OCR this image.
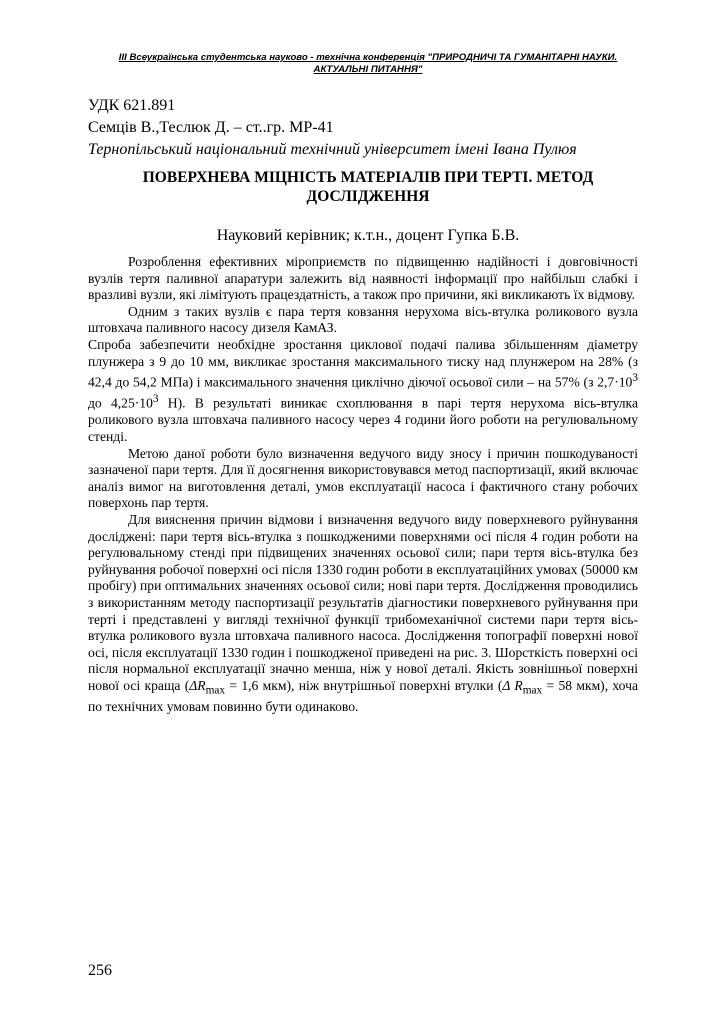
ІІІ Всеукраїнська студентська науково - технічна конференція "ПРИРОДНИЧІ ТА ГУМАНІТАРНІ НАУКИ.
АКТУАЛЬНІ ПИТАННЯ"
УДК 621.891
Семців В.,Теслюк Д. – ст..гр. МР-41
Тернопільський національний технічний університет імені Івана Пулюя
ПОВЕРХНЕВА МІЦНІСТЬ МАТЕРІАЛІВ ПРИ ТЕРТІ. МЕТОД
ДОСЛІДЖЕННЯ
Науковий керівник; к.т.н., доцент Гупка Б.В.

Розроблення ефективних міроприємств по підвищенню надійності і довговічності вузлів тертя паливної апаратури залежить від наявності інформації про найбільш слабкі і вразливі вузли, які лімітують працездатність, а також про причини, які викликають їх відмову.

Одним з таких вузлів є пара тертя ковзання нерухома вісь-втулка роликового вузла штовхача паливного насосу дизеля КамАЗ.

Спроба забезпечити необхідне зростання циклової подачі палива збільшенням діаметру плунжера з 9 до 10 мм, викликає зростання максимального тиску над плунжером на 28% (з 42,4 до 54,2 МПа) і максимального значення циклічно діючої осьової сили – на 57% (з $2,7\cdot 10^3$ до $4,25\cdot 10^3$ Н). В результаті виникає схоплювання в парі тертя нерухома вісь-втулка роликового вузла штовхача паливного насосу через 4 години його роботи на регулювальному стенді.

Метою даної роботи було визначення ведучого виду зносу і причин пошкодуваності зазначеної пари тертя. Для її досягнення використовувався метод паспортизації, який включає аналіз вимог на виготовлення деталі, умов експлуатації насоса і фактичного стану робочих поверхонь пар тертя.

Для вияснення причин відмови і визначення ведучого виду поверхневого руйнування досліджені: пари тертя вісь-втулка з пошкодженими поверхнями осі після 4 годин роботи на регулювальному стенді при підвищених значеннях осьової сили; пари тертя вісь-втулка без руйнування робочої поверхні осі після 1330 годин роботи в експлуатаційних умовах (50000 км пробігу) при оптимальних значеннях осьової сили; нові пари тертя. Дослідження проводились з використанням методу паспортизації результатів діагностики поверхневого руйнування при терті і представлені у вигляді технічної функції трибомеханічної системи пари тертя вісь-втулка роликового вузла штовхача паливного насоса. Дослідження топографії поверхні нової осі, після експлуатації 1330 годин і пошкодженої приведені на рис. 3. Шорсткість поверхні осі після нормальної експлуатації значно менша, ніж у нової деталі. Якість зовнішньої поверхні нової осі краща ($\Delta R_{max} = 1,6$ мкм), ніж внутрішньої поверхні втулки (Δ $R_{max} = 58$ мкм), хоча по технічних умовам повинно бути одинаково.

256
